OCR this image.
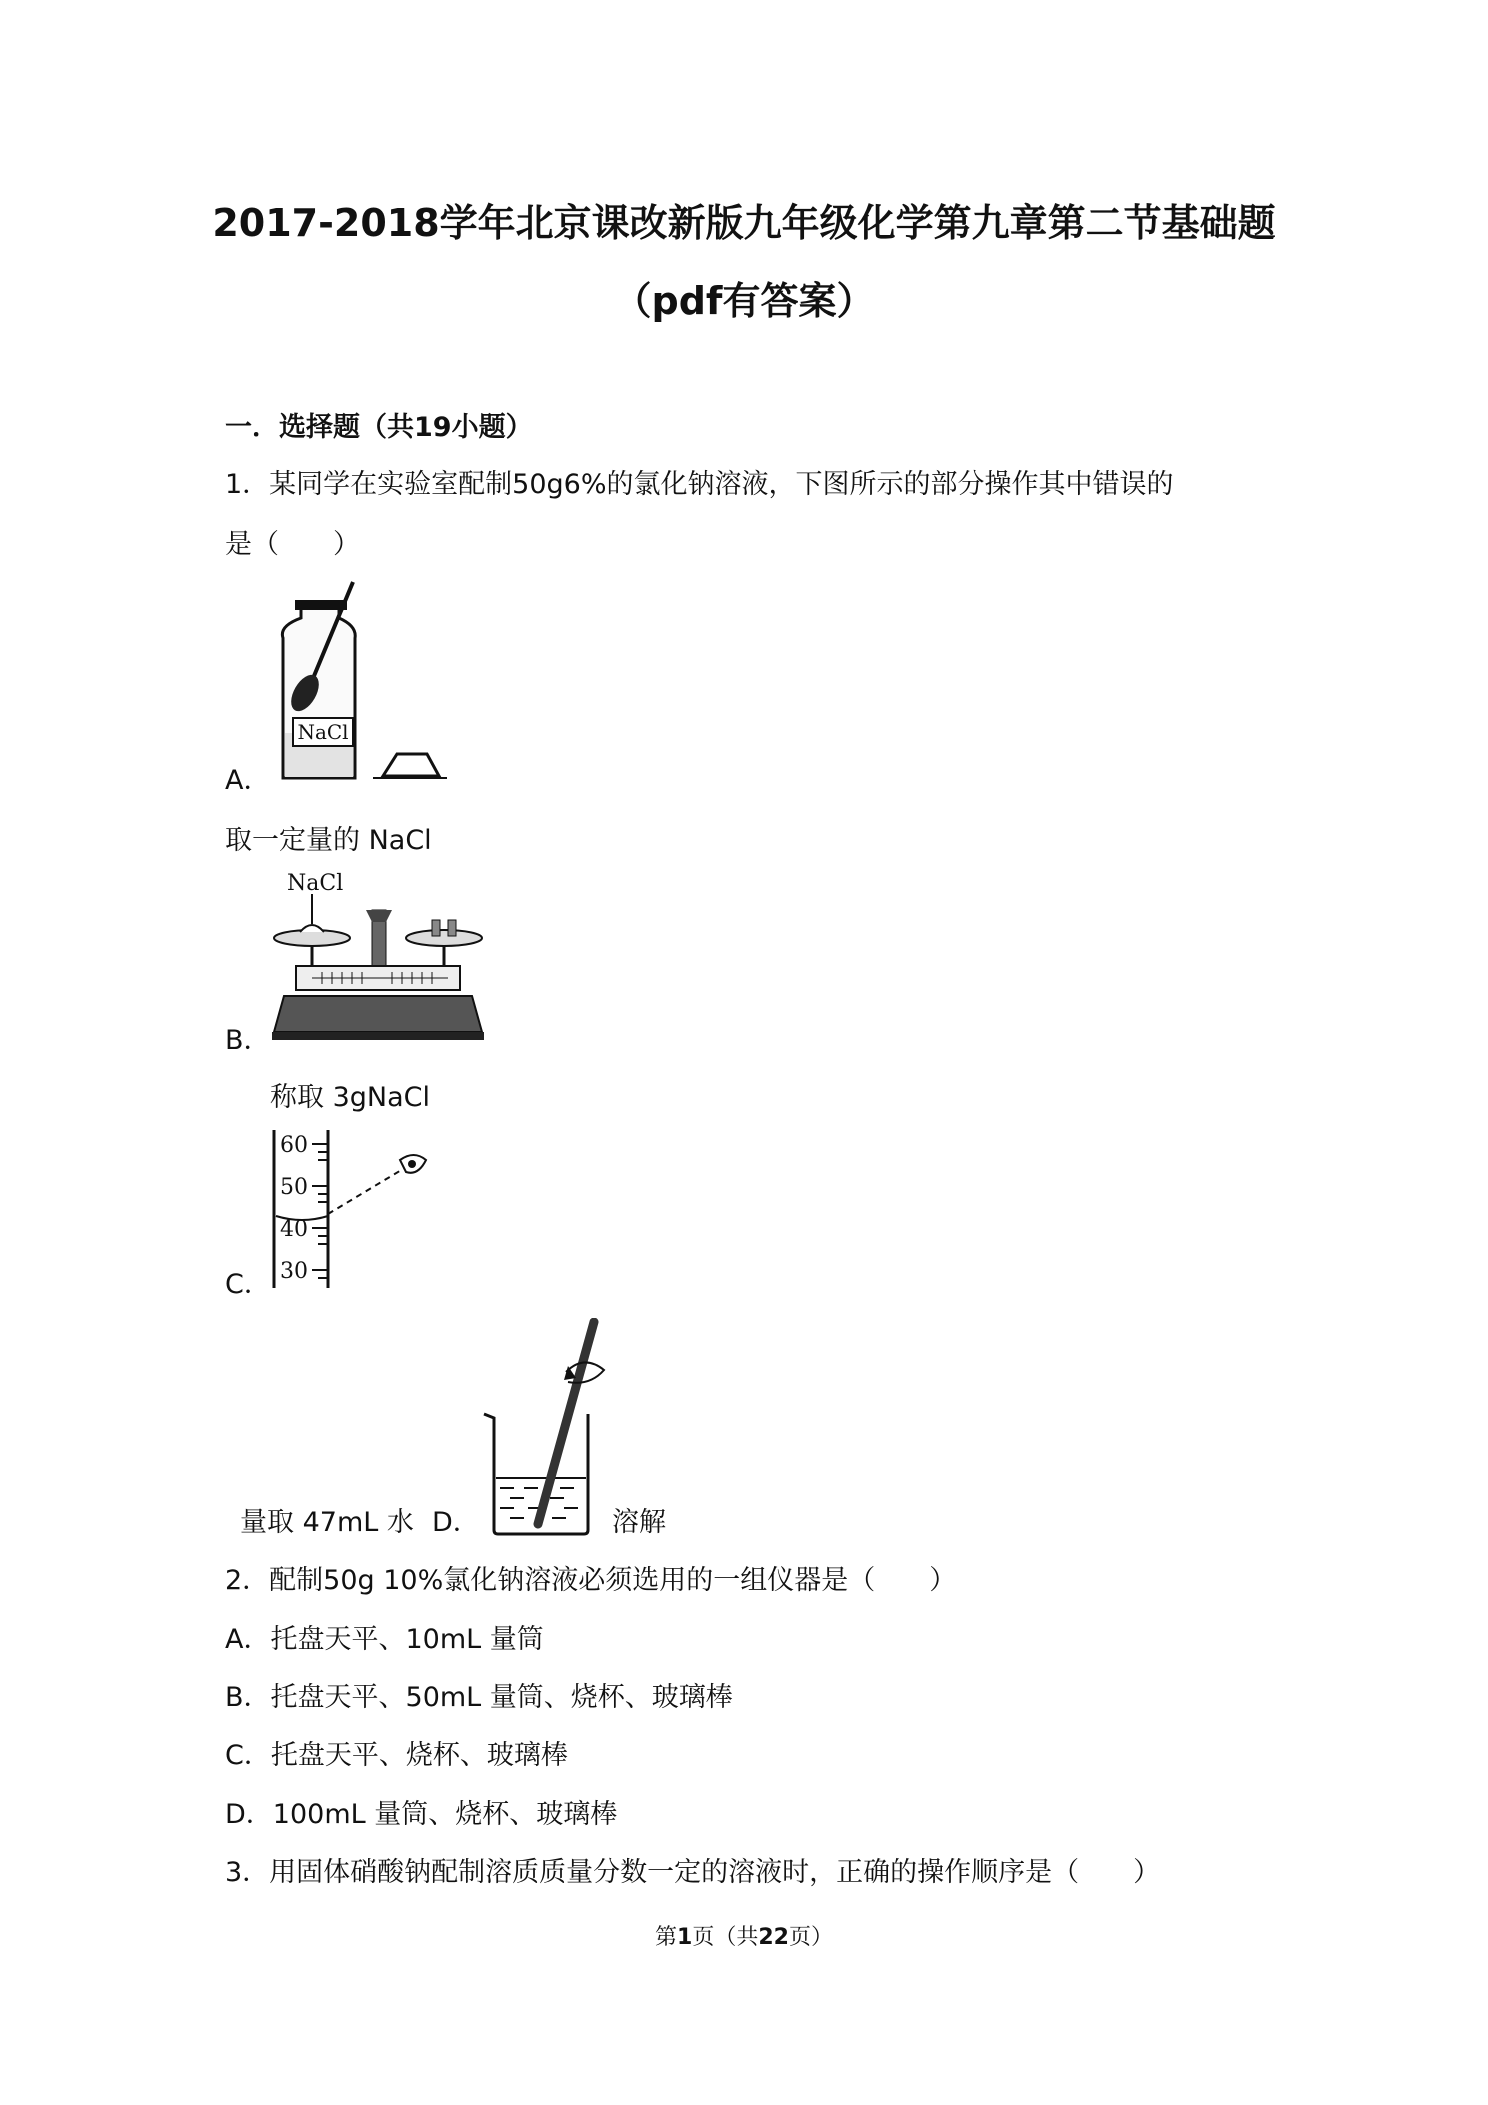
2017-2018学年北京课改新版九年级化学第九章第二节基础题
（pdf有答案）
一．选择题（共19小题）
1．某同学在实验室配制50g6%的氯化钠溶液，下图所示的部分操作其中错误的
是（　　）
A．
NaCl
取一定量的 NaCl
B．
NaCl
称取 3gNaCl
C．
60
50
40
30
量取 47mL 水 D．	溶解
2．配制50g 10%氯化钠溶液必须选用的一组仪器是（　　）
A．托盘天平、10mL 量筒
B．托盘天平、50mL 量筒、烧杯、玻璃棒
C．托盘天平、烧杯、玻璃棒
D．100mL 量筒、烧杯、玻璃棒
3．用固体硝酸钠配制溶质质量分数一定的溶液时，正确的操作顺序是（　　）
第1页（共22页）
